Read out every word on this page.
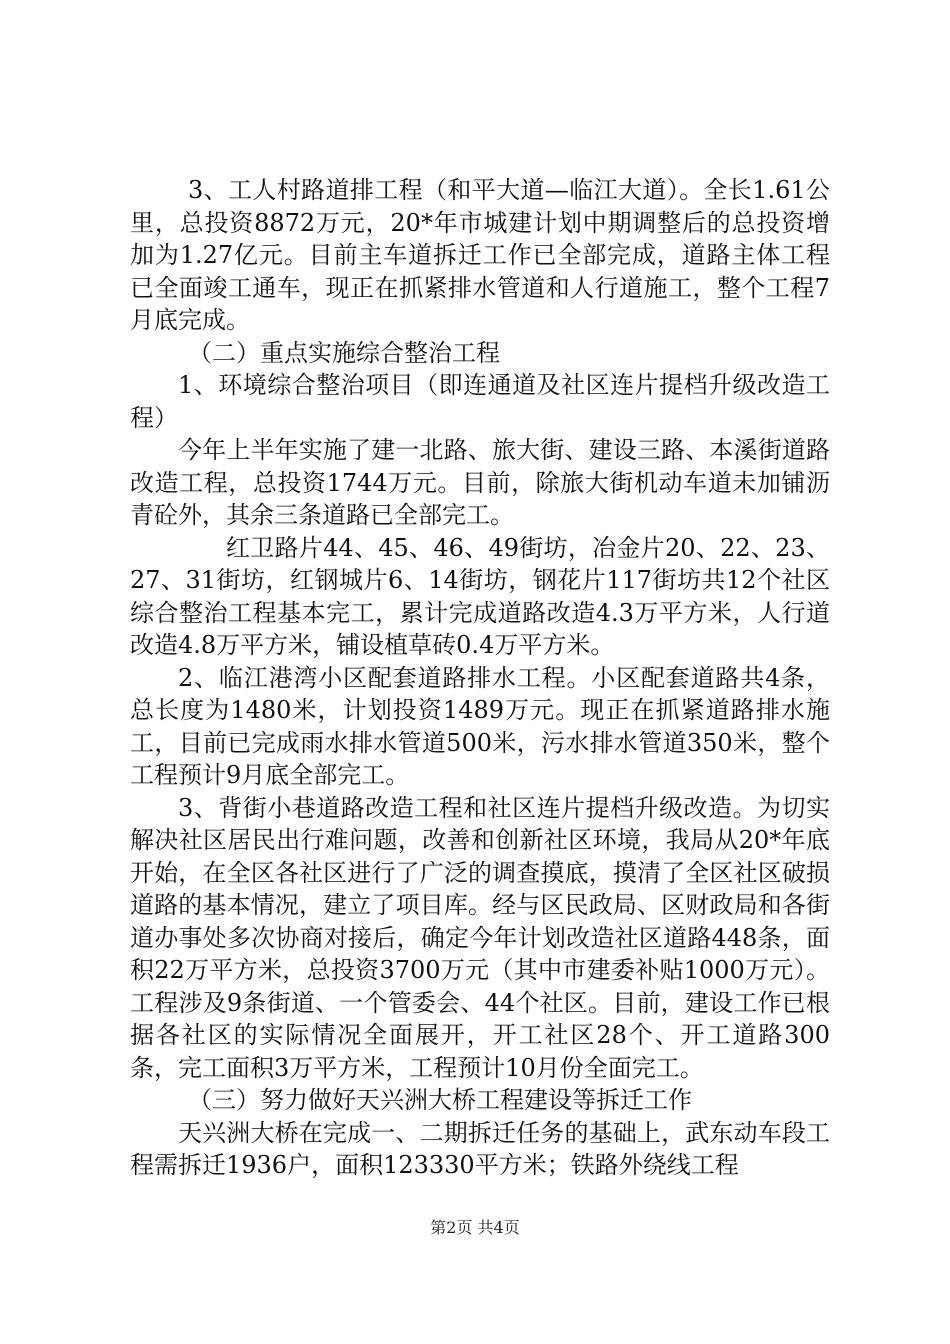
3、工人村路道排工程（和平大道—临江大道）。全长1.61公里，总投资8872万元，20*年市城建计划中期调整后的总投资增加为1.27亿元。目前主车道拆迁工作已全部完成，道路主体工程已全面竣工通车，现正在抓紧排水管道和人行道施工，整个工程7月底完成。

（二）重点实施综合整治工程

1、环境综合整治项目（即连通道及社区连片提档升级改造工程）

今年上半年实施了建一北路、旅大街、建设三路、本溪街道路改造工程，总投资1744万元。目前，除旅大街机动车道未加铺沥青砼外，其余三条道路已全部完工。

红卫路片44、45、46、49街坊，冶金片20、22、23、27、31街坊，红钢城片6、14街坊，钢花片117街坊共12个社区综合整治工程基本完工，累计完成道路改造4.3万平方米，人行道改造4.8万平方米，铺设植草砖0.4万平方米。

2、临江港湾小区配套道路排水工程。小区配套道路共4条，总长度为1480米，计划投资1489万元。现正在抓紧道路排水施工，目前已完成雨水排水管道500米，污水排水管道350米，整个工程预计9月底全部完工。

3、背街小巷道路改造工程和社区连片提档升级改造。为切实解决社区居民出行难问题，改善和创新社区环境，我局从20*年底开始，在全区各社区进行了广泛的调查摸底，摸清了全区社区破损道路的基本情况，建立了项目库。经与区民政局、区财政局和各街道办事处多次协商对接后，确定今年计划改造社区道路448条，面积22万平方米，总投资3700万元（其中市建委补贴1000万元）。工程涉及9条街道、一个管委会、44个社区。目前，建设工作已根据各社区的实际情况全面展开，开工社区28个、开工道路300条，完工面积3万平方米，工程预计10月份全面完工。

（三）努力做好天兴洲大桥工程建设等拆迁工作

天兴洲大桥在完成一、二期拆迁任务的基础上，武东动车段工程需拆迁1936户，面积123330平方米；铁路外绕线工程

第2页 共4页
